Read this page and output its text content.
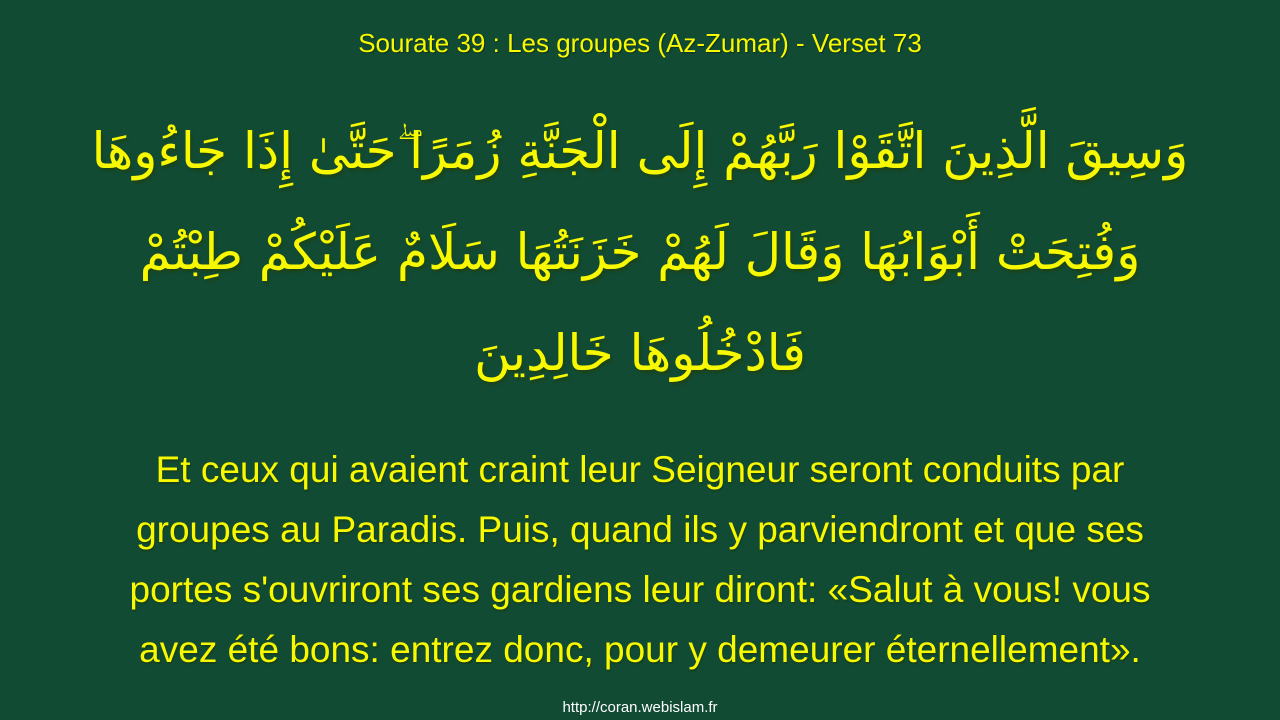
Sourate 39 : Les groupes (Az-Zumar) - Verset 73
وَسِيقَ الَّذِينَ اتَّقَوْا رَبَّهُمْ إِلَى الْجَنَّةِ زُمَرًا ۖحَتَّىٰ إِذَا جَاءُوهَا
وَفُتِحَتْ أَبْوَابُهَا وَقَالَ لَهُمْ خَزَنَتُهَا سَلَامٌ عَلَيْكُمْ طِبْتُمْ
فَادْخُلُوهَا خَالِدِينَ
Et ceux qui avaient craint leur Seigneur seront conduits par
groupes au Paradis. Puis, quand ils y parviendront et que ses
portes s'ouvriront ses gardiens leur diront: «Salut à vous! vous
avez été bons: entrez donc, pour y demeurer éternellement».
http://coran.webislam.fr
